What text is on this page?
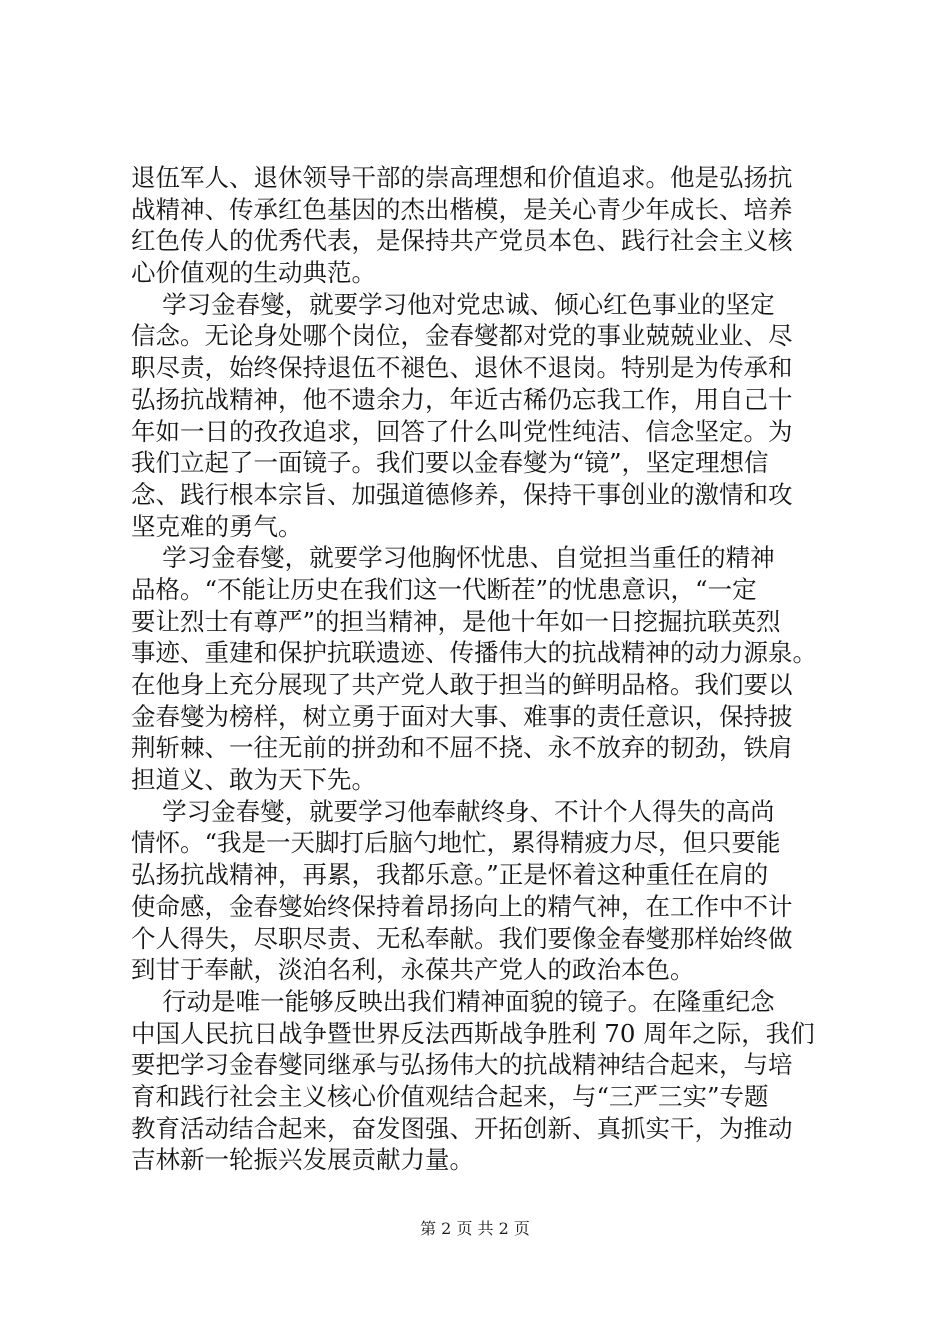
退伍军人、退休领导干部的崇高理想和价值追求。他是弘扬抗
战精神、传承红色基因的杰出楷模，是关心青少年成长、培养
红色传人的优秀代表，是保持共产党员本色、践行社会主义核
心价值观的生动典范。
学习金春燮，就要学习他对党忠诚、倾心红色事业的坚定
信念。无论身处哪个岗位，金春燮都对党的事业兢兢业业、尽
职尽责，始终保持退伍不褪色、退休不退岗。特别是为传承和
弘扬抗战精神，他不遗余力，年近古稀仍忘我工作，用自己十
年如一日的孜孜追求，回答了什么叫党性纯洁、信念坚定。为
我们立起了一面镜子。我们要以金春燮为“镜”，坚定理想信
念、践行根本宗旨、加强道德修养，保持干事创业的激情和攻
坚克难的勇气。
学习金春燮，就要学习他胸怀忧患、自觉担当重任的精神
品格。“不能让历史在我们这一代断茬”的忧患意识，“一定
要让烈士有尊严”的担当精神，是他十年如一日挖掘抗联英烈
事迹、重建和保护抗联遗迹、传播伟大的抗战精神的动力源泉。
在他身上充分展现了共产党人敢于担当的鲜明品格。我们要以
金春燮为榜样，树立勇于面对大事、难事的责任意识，保持披
荆斩棘、一往无前的拼劲和不屈不挠、永不放弃的韧劲，铁肩
担道义、敢为天下先。
学习金春燮，就要学习他奉献终身、不计个人得失的高尚
情怀。“我是一天脚打后脑勺地忙，累得精疲力尽，但只要能
弘扬抗战精神，再累，我都乐意。”正是怀着这种重任在肩的
使命感，金春燮始终保持着昂扬向上的精气神，在工作中不计
个人得失，尽职尽责、无私奉献。我们要像金春燮那样始终做
到甘于奉献，淡泊名利，永葆共产党人的政治本色。
行动是唯一能够反映出我们精神面貌的镜子。在隆重纪念
中国人民抗日战争暨世界反法西斯战争胜利 70 周年之际，我们
要把学习金春燮同继承与弘扬伟大的抗战精神结合起来，与培
育和践行社会主义核心价值观结合起来，与“三严三实”专题
教育活动结合起来，奋发图强、开拓创新、真抓实干，为推动
吉林新一轮振兴发展贡献力量。
第 2 页 共 2 页
